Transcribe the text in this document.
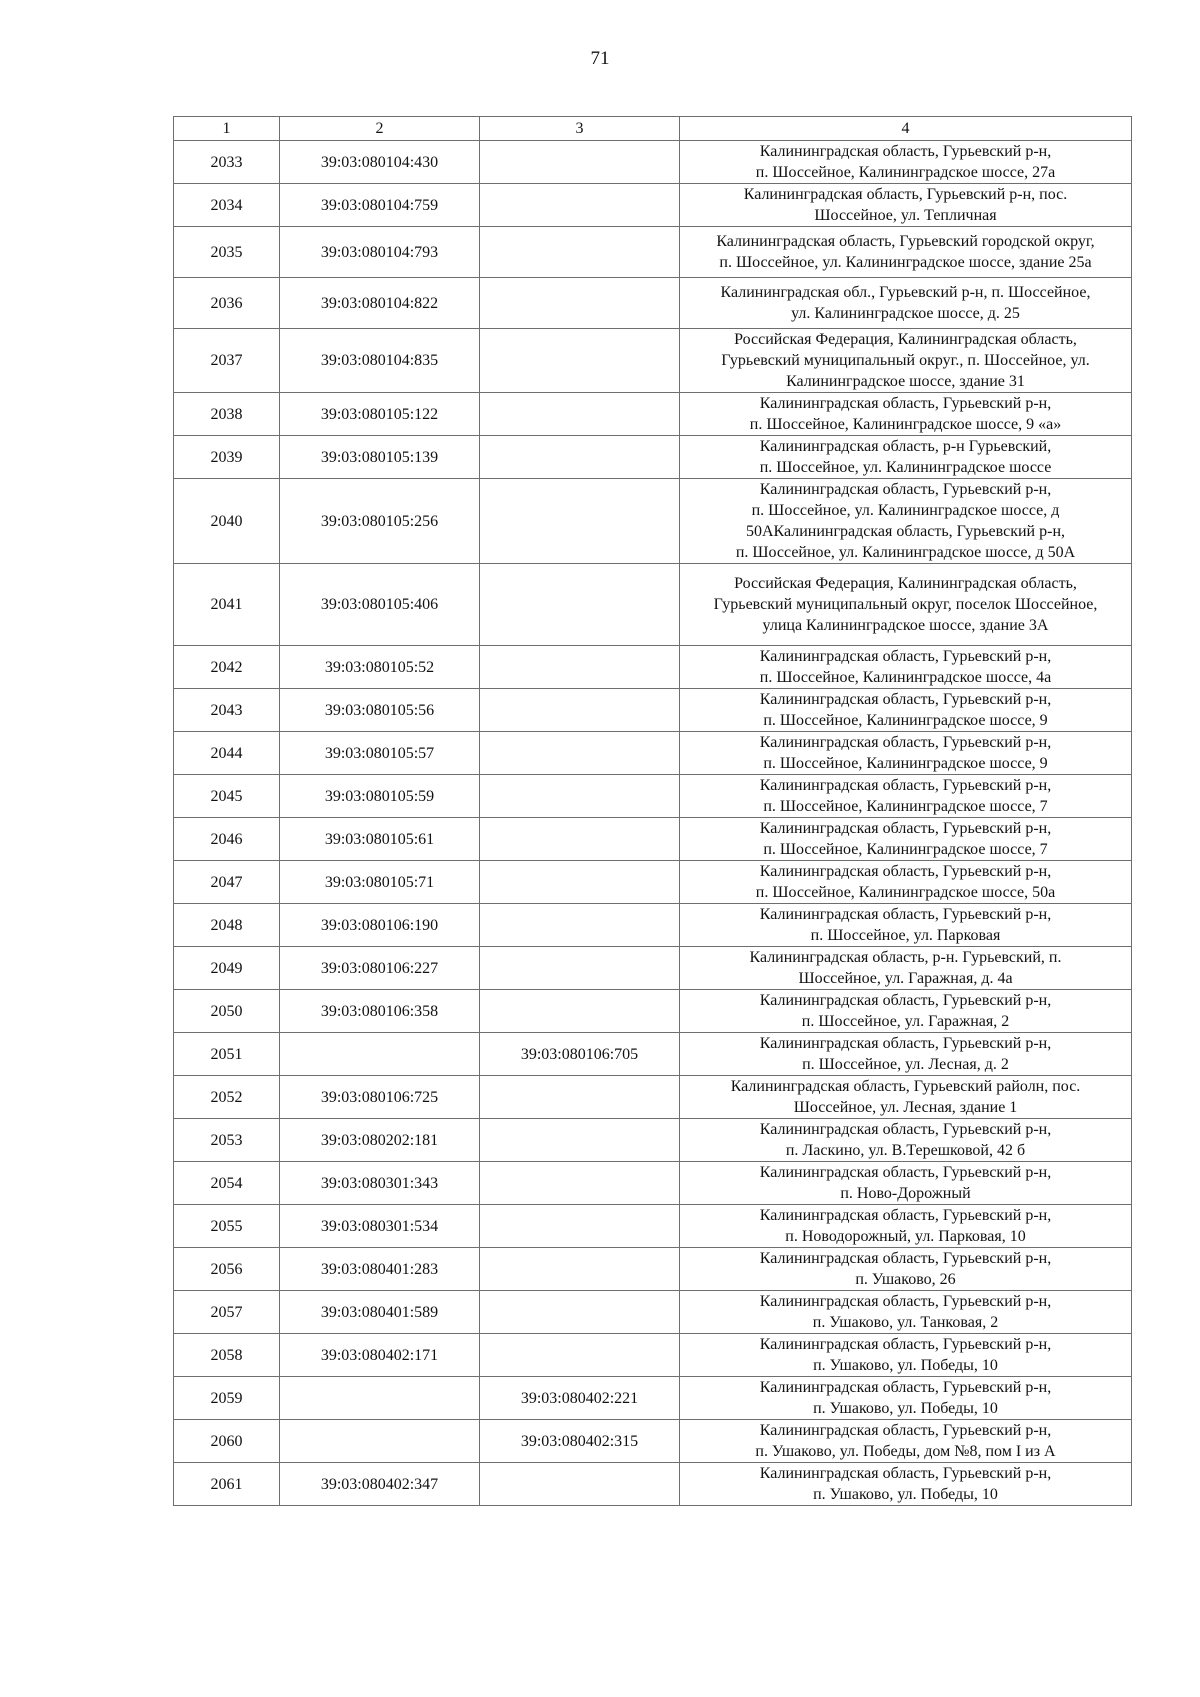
71
1	2	3	4
2033	39:03:080104:430		Калининградская область, Гурьевский р-н,
п. Шоссейное, Калининградское шоссе, 27а

2034	39:03:080104:759		Калининградская область, Гурьевский р-н, пос.
Шоссейное, ул. Тепличная

2035	39:03:080104:793		Калининградская область, Гурьевский городской округ,
п. Шоссейное, ул. Калининградское шоссе, здание 25а

2036	39:03:080104:822		Калининградская обл., Гурьевский р-н, п. Шоссейное,
ул. Калининградское шоссе, д. 25

2037	39:03:080104:835		Российская Федерация, Калининградская область,
Гурьевский муниципальный округ., п. Шоссейное, ул.
Калининградское шоссе, здание 31

2038	39:03:080105:122		Калининградская область, Гурьевский р-н,
п. Шоссейное, Калининградское шоссе, 9 «а»

2039	39:03:080105:139		Калининградская область, р-н Гурьевский,
п. Шоссейное, ул. Калининградское шоссе

2040	39:03:080105:256		Калининградская область, Гурьевский р-н,
п. Шоссейное, ул. Калининградское шоссе, д
50АКалининградская область, Гурьевский р-н,
п. Шоссейное, ул. Калининградское шоссе, д 50А

2041	39:03:080105:406		Российская Федерация, Калининградская область,
Гурьевский муниципальный округ, поселок Шоссейное,
улица Калининградское шоссе, здание 3А

2042	39:03:080105:52		Калининградская область, Гурьевский р-н,
п. Шоссейное, Калининградское шоссе, 4а

2043	39:03:080105:56		Калининградская область, Гурьевский р-н,
п. Шоссейное, Калининградское шоссе, 9

2044	39:03:080105:57		Калининградская область, Гурьевский р-н,
п. Шоссейное, Калининградское шоссе, 9

2045	39:03:080105:59		Калининградская область, Гурьевский р-н,
п. Шоссейное, Калининградское шоссе, 7

2046	39:03:080105:61		Калининградская область, Гурьевский р-н,
п. Шоссейное, Калининградское шоссе, 7

2047	39:03:080105:71		Калининградская область, Гурьевский р-н,
п. Шоссейное, Калининградское шоссе, 50а

2048	39:03:080106:190		Калининградская область, Гурьевский р-н,
п. Шоссейное, ул. Парковая

2049	39:03:080106:227		Калининградская область, р-н. Гурьевский, п.
Шоссейное, ул. Гаражная, д. 4а

2050	39:03:080106:358		Калининградская область, Гурьевский р-н,
п. Шоссейное, ул. Гаражная, 2

2051		39:03:080106:705	Калининградская область, Гурьевский р-н,
п. Шоссейное, ул. Лесная, д. 2

2052	39:03:080106:725		Калининградская область, Гурьевский райолн, пос.
Шоссейное, ул. Лесная, здание 1

2053	39:03:080202:181		Калининградская область, Гурьевский р-н,
п. Ласкино, ул. В.Терешковой, 42 б

2054	39:03:080301:343		Калининградская область, Гурьевский р-н,
п. Ново-Дорожный

2055	39:03:080301:534		Калининградская область, Гурьевский р-н,
п. Новодорожный, ул. Парковая, 10

2056	39:03:080401:283		Калининградская область, Гурьевский р-н,
п. Ушаково, 26

2057	39:03:080401:589		Калининградская область, Гурьевский р-н,
п. Ушаково, ул. Танковая, 2

2058	39:03:080402:171		Калининградская область, Гурьевский р-н,
п. Ушаково, ул. Победы, 10

2059		39:03:080402:221	Калининградская область, Гурьевский р-н,
п. Ушаково, ул. Победы, 10

2060		39:03:080402:315	Калининградская область, Гурьевский р-н,
п. Ушаково, ул. Победы, дом №8, пом I из А

2061	39:03:080402:347		Калининградская область, Гурьевский р-н,
п. Ушаково, ул. Победы, 10
